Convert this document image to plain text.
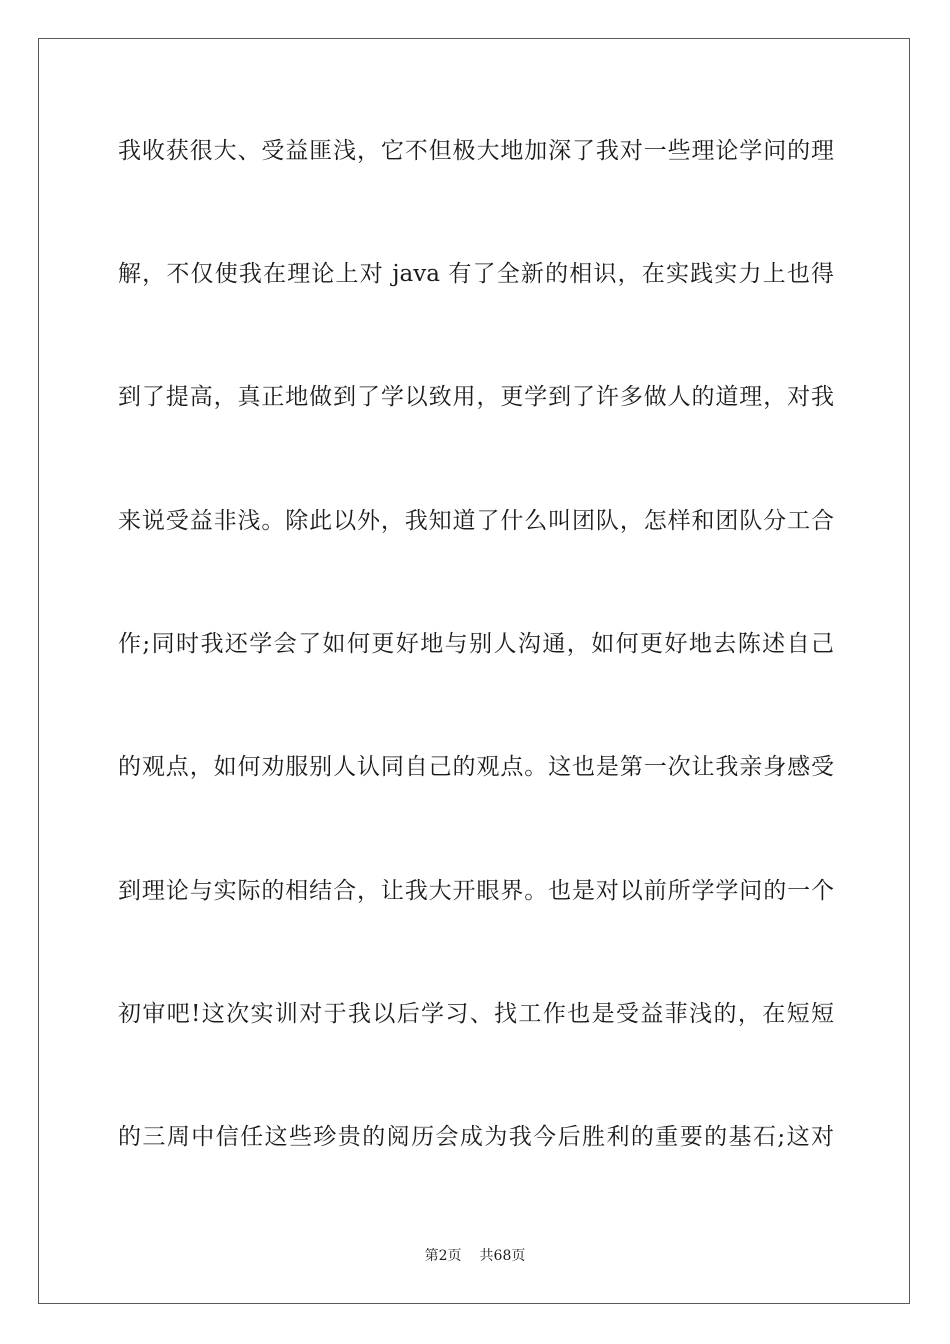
我收获很大、受益匪浅，它不但极大地加深了我对一些理论学问的理
解，不仅使我在理论上对 java 有了全新的相识，在实践实力上也得
到了提高，真正地做到了学以致用，更学到了许多做人的道理，对我
来说受益非浅。除此以外，我知道了什么叫团队，怎样和团队分工合
作;同时我还学会了如何更好地与别人沟通，如何更好地去陈述自己
的观点，如何劝服别人认同自己的观点。这也是第一次让我亲身感受
到理论与实际的相结合，让我大开眼界。也是对以前所学学问的一个
初审吧!这次实训对于我以后学习、找工作也是受益菲浅的，在短短
的三周中信任这些珍贵的阅历会成为我今后胜利的重要的基石;这对
第2页 共68页
